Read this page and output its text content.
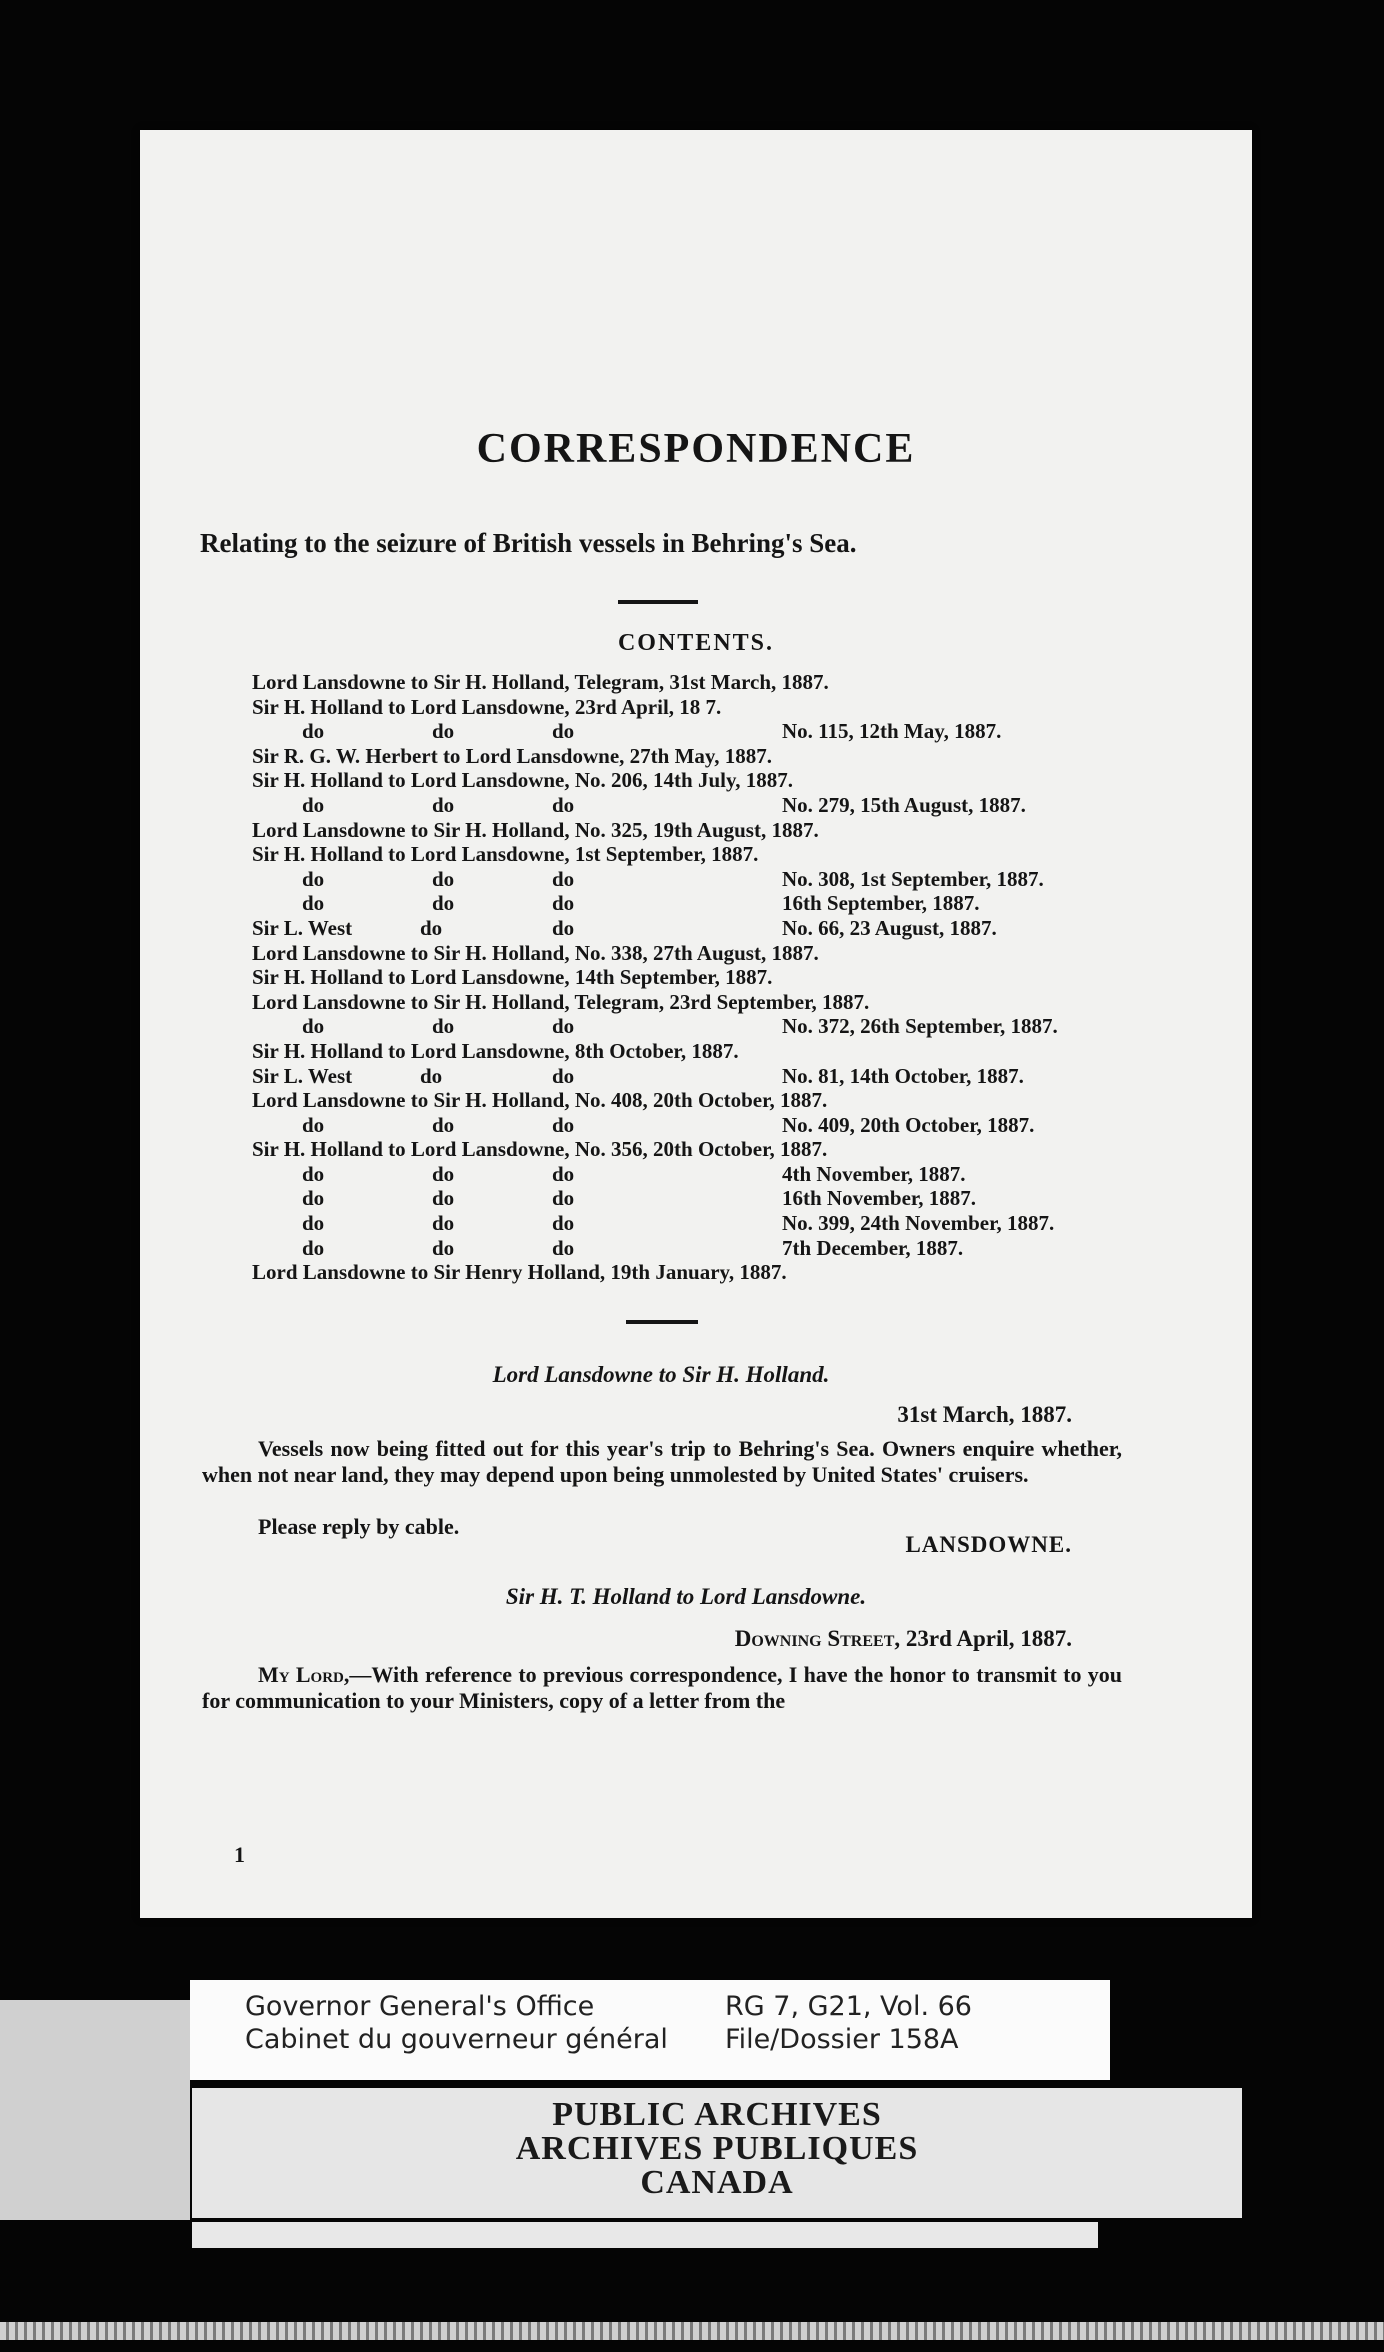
CORRESPONDENCE
Relating to the seizure of British vessels in Behring's Sea.
CONTENTS.
Lord Lansdowne to Sir H. Holland, Telegram, 31st March, 1887.
Sir H. Holland to Lord Lansdowne, 23rd April, 18 7.
do	do	do	No. 115, 12th May, 1887.
Sir R. G. W. Herbert to Lord Lansdowne, 27th May, 1887.
Sir H. Holland to Lord Lansdowne, No. 206, 14th July, 1887.
do	do	do	No. 279, 15th August, 1887.
Lord Lansdowne to Sir H. Holland, No. 325, 19th August, 1887.
Sir H. Holland to Lord Lansdowne, 1st September, 1887.
do	do	do	No. 308, 1st September, 1887.
do	do	do	16th September, 1887.
Sir L. West	do	do	No. 66, 23 August, 1887.
Lord Lansdowne to Sir H. Holland, No. 338, 27th August, 1887.
Sir H. Holland to Lord Lansdowne, 14th September, 1887.
Lord Lansdowne to Sir H. Holland, Telegram, 23rd September, 1887.
do	do	do	No. 372, 26th September, 1887.
Sir H. Holland to Lord Lansdowne, 8th October, 1887.
Sir L. West	do	do	No. 81, 14th October, 1887.
Lord Lansdowne to Sir H. Holland, No. 408, 20th October, 1887.
do	do	do	No. 409, 20th October, 1887.
Sir H. Holland to Lord Lansdowne, No. 356, 20th October, 1887.
do	do	do	4th November, 1887.
do	do	do	16th November, 1887.
do	do	do	No. 399, 24th November, 1887.
do	do	do	7th December, 1887.
Lord Lansdowne to Sir Henry Holland, 19th January, 1887.
Lord Lansdowne to Sir H. Holland.
31st March, 1887.
Vessels now being fitted out for this year's trip to Behring's Sea. Owners enquire whether, when not near land, they may depend upon being unmolested by United States' cruisers.
Please reply by cable.
LANSDOWNE.
Sir H. T. Holland to Lord Lansdowne.
Downing Street, 23rd April, 1887.
My Lord,—With reference to previous correspondence, I have the honor to transmit to you for communication to your Ministers, copy of a letter from the
1
Governor General's Office
Cabinet du gouverneur général
RG 7, G21, Vol. 66
File/Dossier 158A
PUBLIC ARCHIVES
ARCHIVES PUBLIQUES
CANADA
